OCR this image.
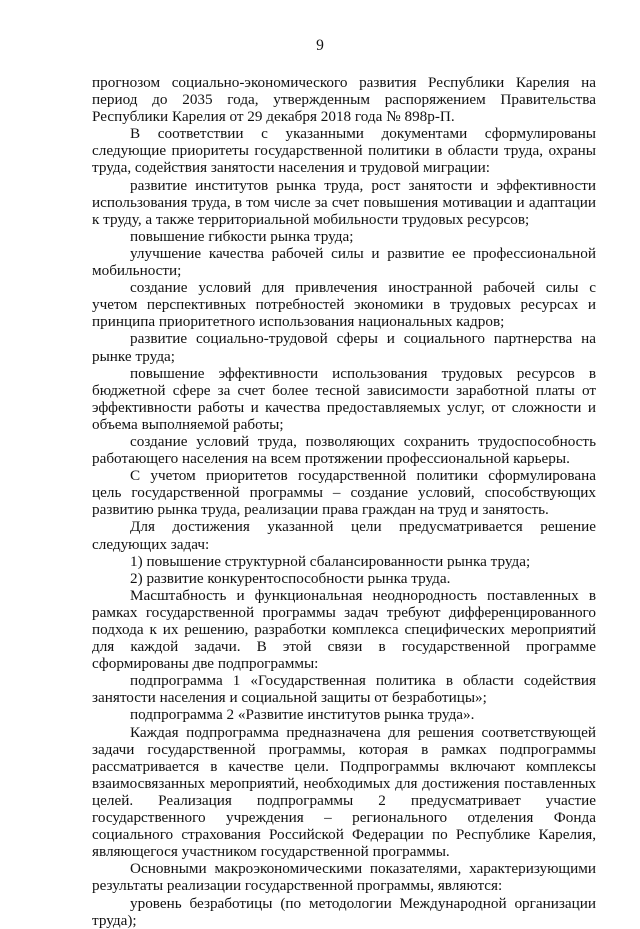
9

прогнозом социально-экономического развития Республики Карелия на период до 2035 года, утвержденным распоряжением Правительства Республики Карелия от 29 декабря 2018 года № 898р-П.

В соответствии с указанными документами сформулированы следующие приоритеты государственной политики в области труда, охраны труда, содействия занятости населения и трудовой миграции:

развитие институтов рынка труда, рост занятости и эффективности использования труда, в том числе за счет повышения мотивации и адаптации к труду, а также территориальной мобильности трудовых ресурсов;

повышение гибкости рынка труда;

улучшение качества рабочей силы и развитие ее профессиональной мобильности;

создание условий для привлечения иностранной рабочей силы с учетом перспективных потребностей экономики в трудовых ресурсах и принципа приоритетного использования национальных кадров;

развитие социально-трудовой сферы и социального партнерства на рынке труда;

повышение эффективности использования трудовых ресурсов в бюджетной сфере за счет более тесной зависимости заработной платы от эффективности работы и качества предоставляемых услуг, от сложности и объема выполняемой работы;

создание условий труда, позволяющих сохранить трудоспособность работающего населения на всем протяжении профессиональной карьеры.

С учетом приоритетов государственной политики сформулирована цель государственной программы – создание условий, способствующих развитию рынка труда, реализации права граждан на труд и занятость.

Для достижения указанной цели предусматривается решение следующих задач:

1) повышение структурной сбалансированности рынка труда;

2) развитие конкурентоспособности рынка труда.

Масштабность и функциональная неоднородность поставленных в рамках государственной программы задач требуют дифференцированного подхода к их решению, разработки комплекса специфических мероприятий для каждой задачи. В этой связи в государственной программе сформированы две подпрограммы:

подпрограмма 1 «Государственная политика в области содействия занятости населения и социальной защиты от безработицы»;

подпрограмма 2 «Развитие институтов рынка труда».

Каждая подпрограмма предназначена для решения соответствующей задачи государственной программы, которая в рамках подпрограммы рассматривается в качестве цели. Подпрограммы включают комплексы взаимосвязанных мероприятий, необходимых для достижения поставленных целей. Реализация подпрограммы 2 предусматривает участие государственного учреждения – регионального отделения Фонда социального страхования Российской Федерации по Республике Карелия, являющегося участником государственной программы.

Основными макроэкономическими показателями, характеризующими результаты реализации государственной программы, являются:

уровень безработицы (по методологии Международной организации труда);
